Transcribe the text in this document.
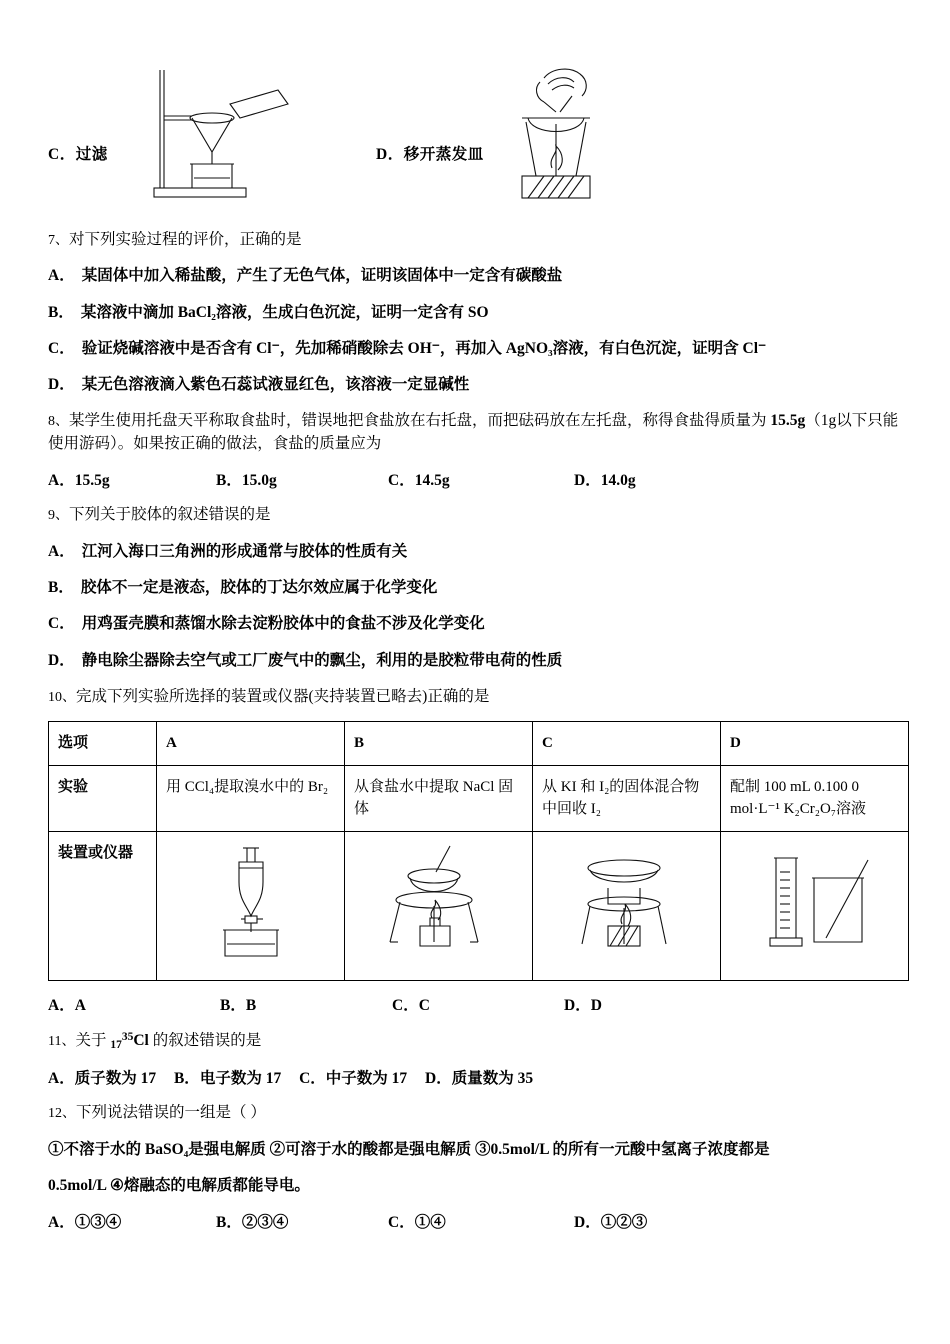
C．过滤	D．移开蒸发皿

7、对下列实验过程的评价，正确的是

A． 某固体中加入稀盐酸，产生了无色气体，证明该固体中一定含有碳酸盐
B． 某溶液中滴加 BaCl₂溶液，生成白色沉淀，证明一定含有 SO
C． 验证烧碱溶液中是否含有 Cl⁻，先加稀硝酸除去 OH⁻，再加入 AgNO₃溶液，有白色沉淀，证明含 Cl⁻
D． 某无色溶液滴入紫色石蕊试液显红色，该溶液一定显碱性

8、某学生使用托盘天平称取食盐时，错误地把食盐放在右托盘，而把砝码放在左托盘，称得食盐得质量为 15.5g（1g以下只能使用游码）。如果按正确的做法，食盐的质量应为

A．15.5g	B．15.0g	C．14.5g	D．14.0g

9、下列关于胶体的叙述错误的是

A． 江河入海口三角洲的形成通常与胶体的性质有关
B． 胶体不一定是液态，胶体的丁达尔效应属于化学变化
C． 用鸡蛋壳膜和蒸馏水除去淀粉胶体中的食盐不涉及化学变化
D． 静电除尘器除去空气或工厂废气中的飘尘，利用的是胶粒带电荷的性质

10、完成下列实验所选择的装置或仪器(夹持装置已略去)正确的是

选项	A	B	C	D
实验	用 CCl₄提取溴水中的 Br₂	从食盐水中提取 NaCl 固体	从 KI 和 I₂的固体混合物中回收 I₂	配制 100 mL 0.100 0 mol·L⁻¹ K₂Cr₂O₇溶液
装置或仪器				
A．A	B．B	C．C	D．D

11、关于 $_{17}^{35}$Cl 的叙述错误的是

A．质子数为 17 B．电子数为 17 C．中子数为 17 D．质量数为 35

12、下列说法错误的一组是（ ）

①不溶于水的 BaSO₄是强电解质 ②可溶于水的酸都是强电解质 ③0.5mol/L 的所有一元酸中氢离子浓度都是
0.5mol/L ④熔融态的电解质都能导电。
A．①③④	B．②③④	C．①④	D．①②③
